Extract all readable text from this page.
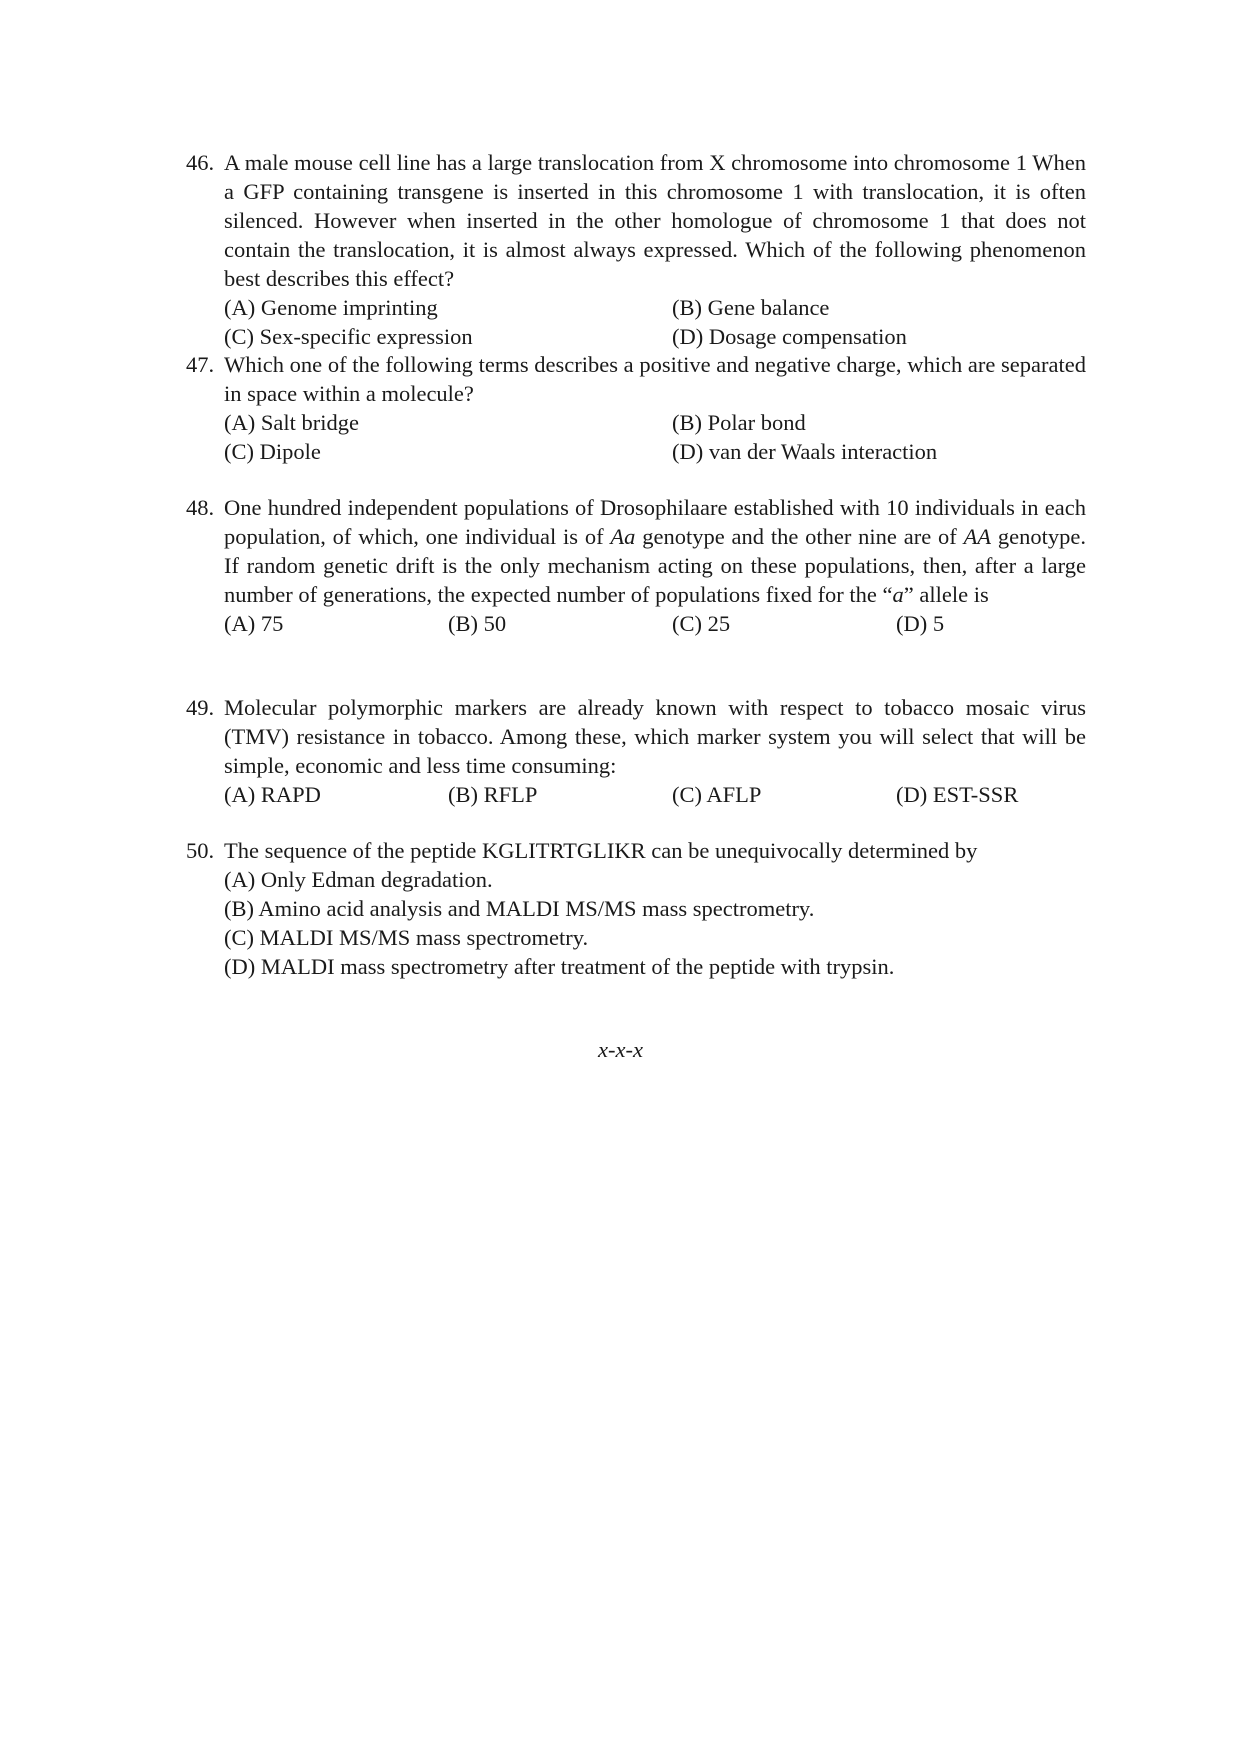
46. A male mouse cell line has a large translocation from X chromosome into chromosome 1 When a GFP containing transgene is inserted in this chromosome 1 with translocation, it is often silenced. However when inserted in the other homologue of chromosome 1 that does not contain the translocation, it is almost always expressed. Which of the following phenomenon best describes this effect?
(A) Genome imprinting	(B) Gene balance
(C) Sex-specific expression	(D) Dosage compensation
47. Which one of the following terms describes a positive and negative charge, which are separated in space within a molecule?
(A) Salt bridge	(B) Polar bond
(C) Dipole	(D) van der Waals interaction
48. One hundred independent populations of Drosophilaare established with 10 individuals in each population, of which, one individual is of Aa genotype and the other nine are of AA genotype. If random genetic drift is the only mechanism acting on these populations, then, after a large number of generations, the expected number of populations fixed for the “a” allele is
(A) 75	(B) 50	(C) 25	(D) 5
49. Molecular polymorphic markers are already known with respect to tobacco mosaic virus (TMV) resistance in tobacco. Among these, which marker system you will select that will be simple, economic and less time consuming:
(A) RAPD	(B) RFLP	(C) AFLP	(D) EST-SSR
50. The sequence of the peptide KGLITRTGLIKR can be unequivocally determined by
(A) Only Edman degradation.
(B) Amino acid analysis and MALDI MS/MS mass spectrometry.
(C) MALDI MS/MS mass spectrometry.
(D) MALDI mass spectrometry after treatment of the peptide with trypsin.
x-x-x
